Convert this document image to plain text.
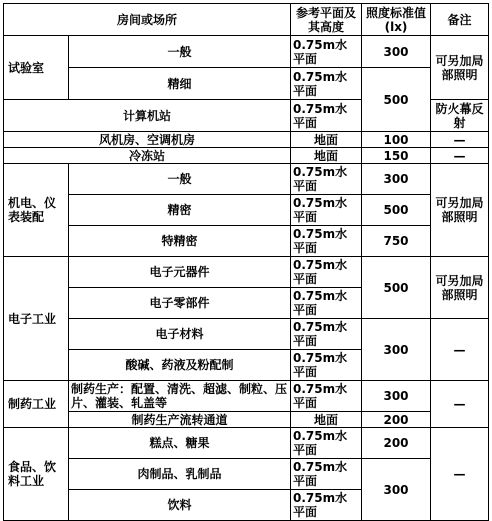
房间或场所		参考平面及其高度	照度标准值(lx)	备注
试验室	一般	0.75m水平面	300	可另加局部照明
	精细	0.75m水平面	500	
计算机站		0.75m水平面		防火幕反射
风机房、空调机房		地面	100	—
冷冻站		地面	150	—
机电、仪表装配	一般	0.75m水平面	300	可另加局部照明
	精密	0.75m水平面	500	
	特精密	0.75m水平面	750	
电子工业	电子元器件	0.75m水平面	500	可另加局部照明
	电子零部件	0.75m水平面		
	电子材料	0.75m水平面	300	—
	酸碱、药液及粉配制	0.75m水平面		
制药工业	制药生产：配置、清洗、超滤、制粒、压片、灌装、轧盖等	0.75m水平面	300	—
	制药生产流转通道	地面	200	
食品、饮料工业	糕点、糖果	0.75m水平面	200	—
	肉制品、乳制品	0.75m水平面	300	
	饮料	0.75m水平面		
